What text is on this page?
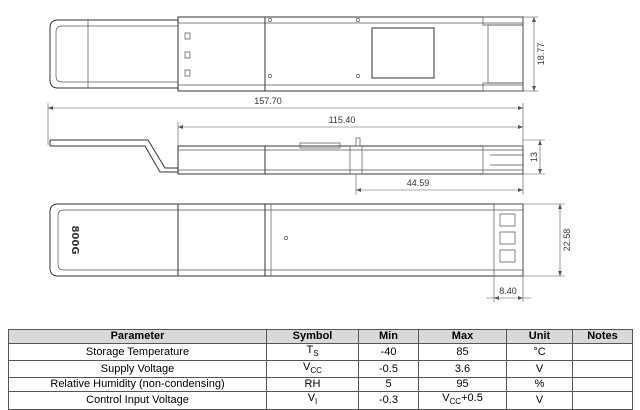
18.77
157.70
115.40
13
44.59
800G	22.58
8.40
Parameter	Symbol	Min	Max	Unit	Notes
Storage Temperature	$T_S$	-40	85	°C	
Supply Voltage	$V_{CC}$	-0.5	3.6	V	
Relative Humidity (non-condensing)	RH	5	95	%	
Control Input Voltage	$V_I$	-0.3	$V_{CC}+0.5$	V	
